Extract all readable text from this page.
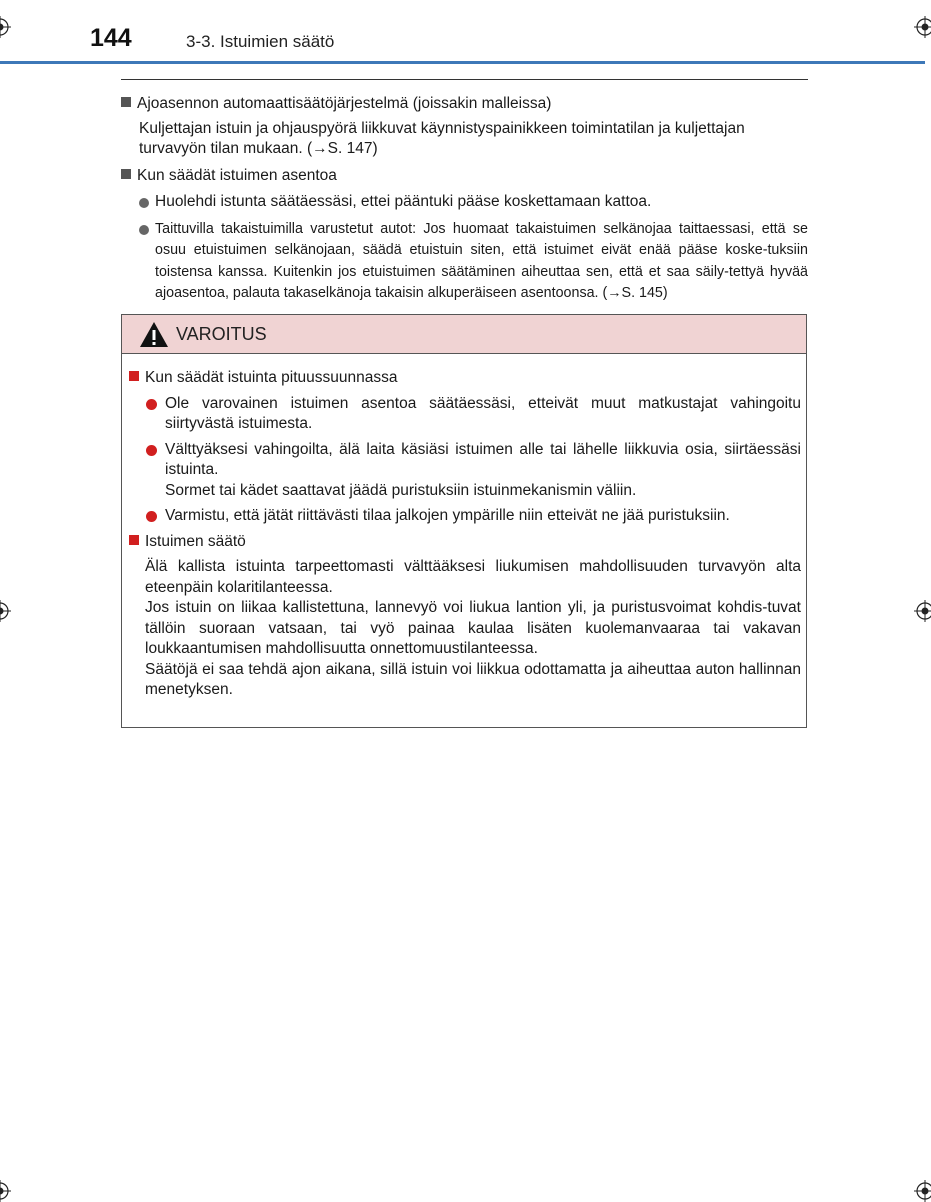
144	3-3. Istuimien säätö
Ajoasennon automaattisäätöjärjestelmä (joissakin malleissa)
Kuljettajan istuin ja ohjauspyörä liikkuvat käynnistyspainikkeen toimintatilan ja kuljettajan turvavyön tilan mukaan. (→S. 147)
Kun säädät istuimen asentoa
Huolehdi istunta säätäessäsi, ettei pääntuki pääse koskettamaan kattoa.
Taittuvilla takaistuimilla varustetut autot: Jos huomaat takaistuimen selkänojaa taittaessasi, että se osuu etuistuimen selkänojaan, säädä etuistuin siten, että istuimet eivät enää pääse koske-tuksiin toistensa kanssa. Kuitenkin jos etuistuimen säätäminen aiheuttaa sen, että et saa säily-tettyä hyvää ajoasentoa, palauta takaselkänoja takaisin alkuperäiseen asentoonsa. (→S. 145)
VAROITUS
Kun säädät istuinta pituussuunnassa
Ole varovainen istuimen asentoa säätäessäsi, etteivät muut matkustajat vahingoitu siirtyvästä istuimesta.
Välttyäksesi vahingoilta, älä laita käsiäsi istuimen alle tai lähelle liikkuvia osia, siirtäessäsi istuinta.
Sormet tai kädet saattavat jäädä puristuksiin istuinmekanismin väliin.
Varmistu, että jätät riittävästi tilaa jalkojen ympärille niin etteivät ne jää puristuksiin.
Istuimen säätö
Älä kallista istuinta tarpeettomasti välttääksesi liukumisen mahdollisuuden turvavyön alta eteenpäin kolaritilanteessa.
Jos istuin on liikaa kallistettuna, lannevyö voi liukua lantion yli, ja puristusvoimat kohdis-tuvat tällöin suoraan vatsaan, tai vyö painaa kaulaa lisäten kuolemanvaaraa tai vakavan loukkaantumisen mahdollisuutta onnettomuustilanteessa.
Säätöjä ei saa tehdä ajon aikana, sillä istuin voi liikkua odottamatta ja aiheuttaa auton hallinnan menetyksen.
